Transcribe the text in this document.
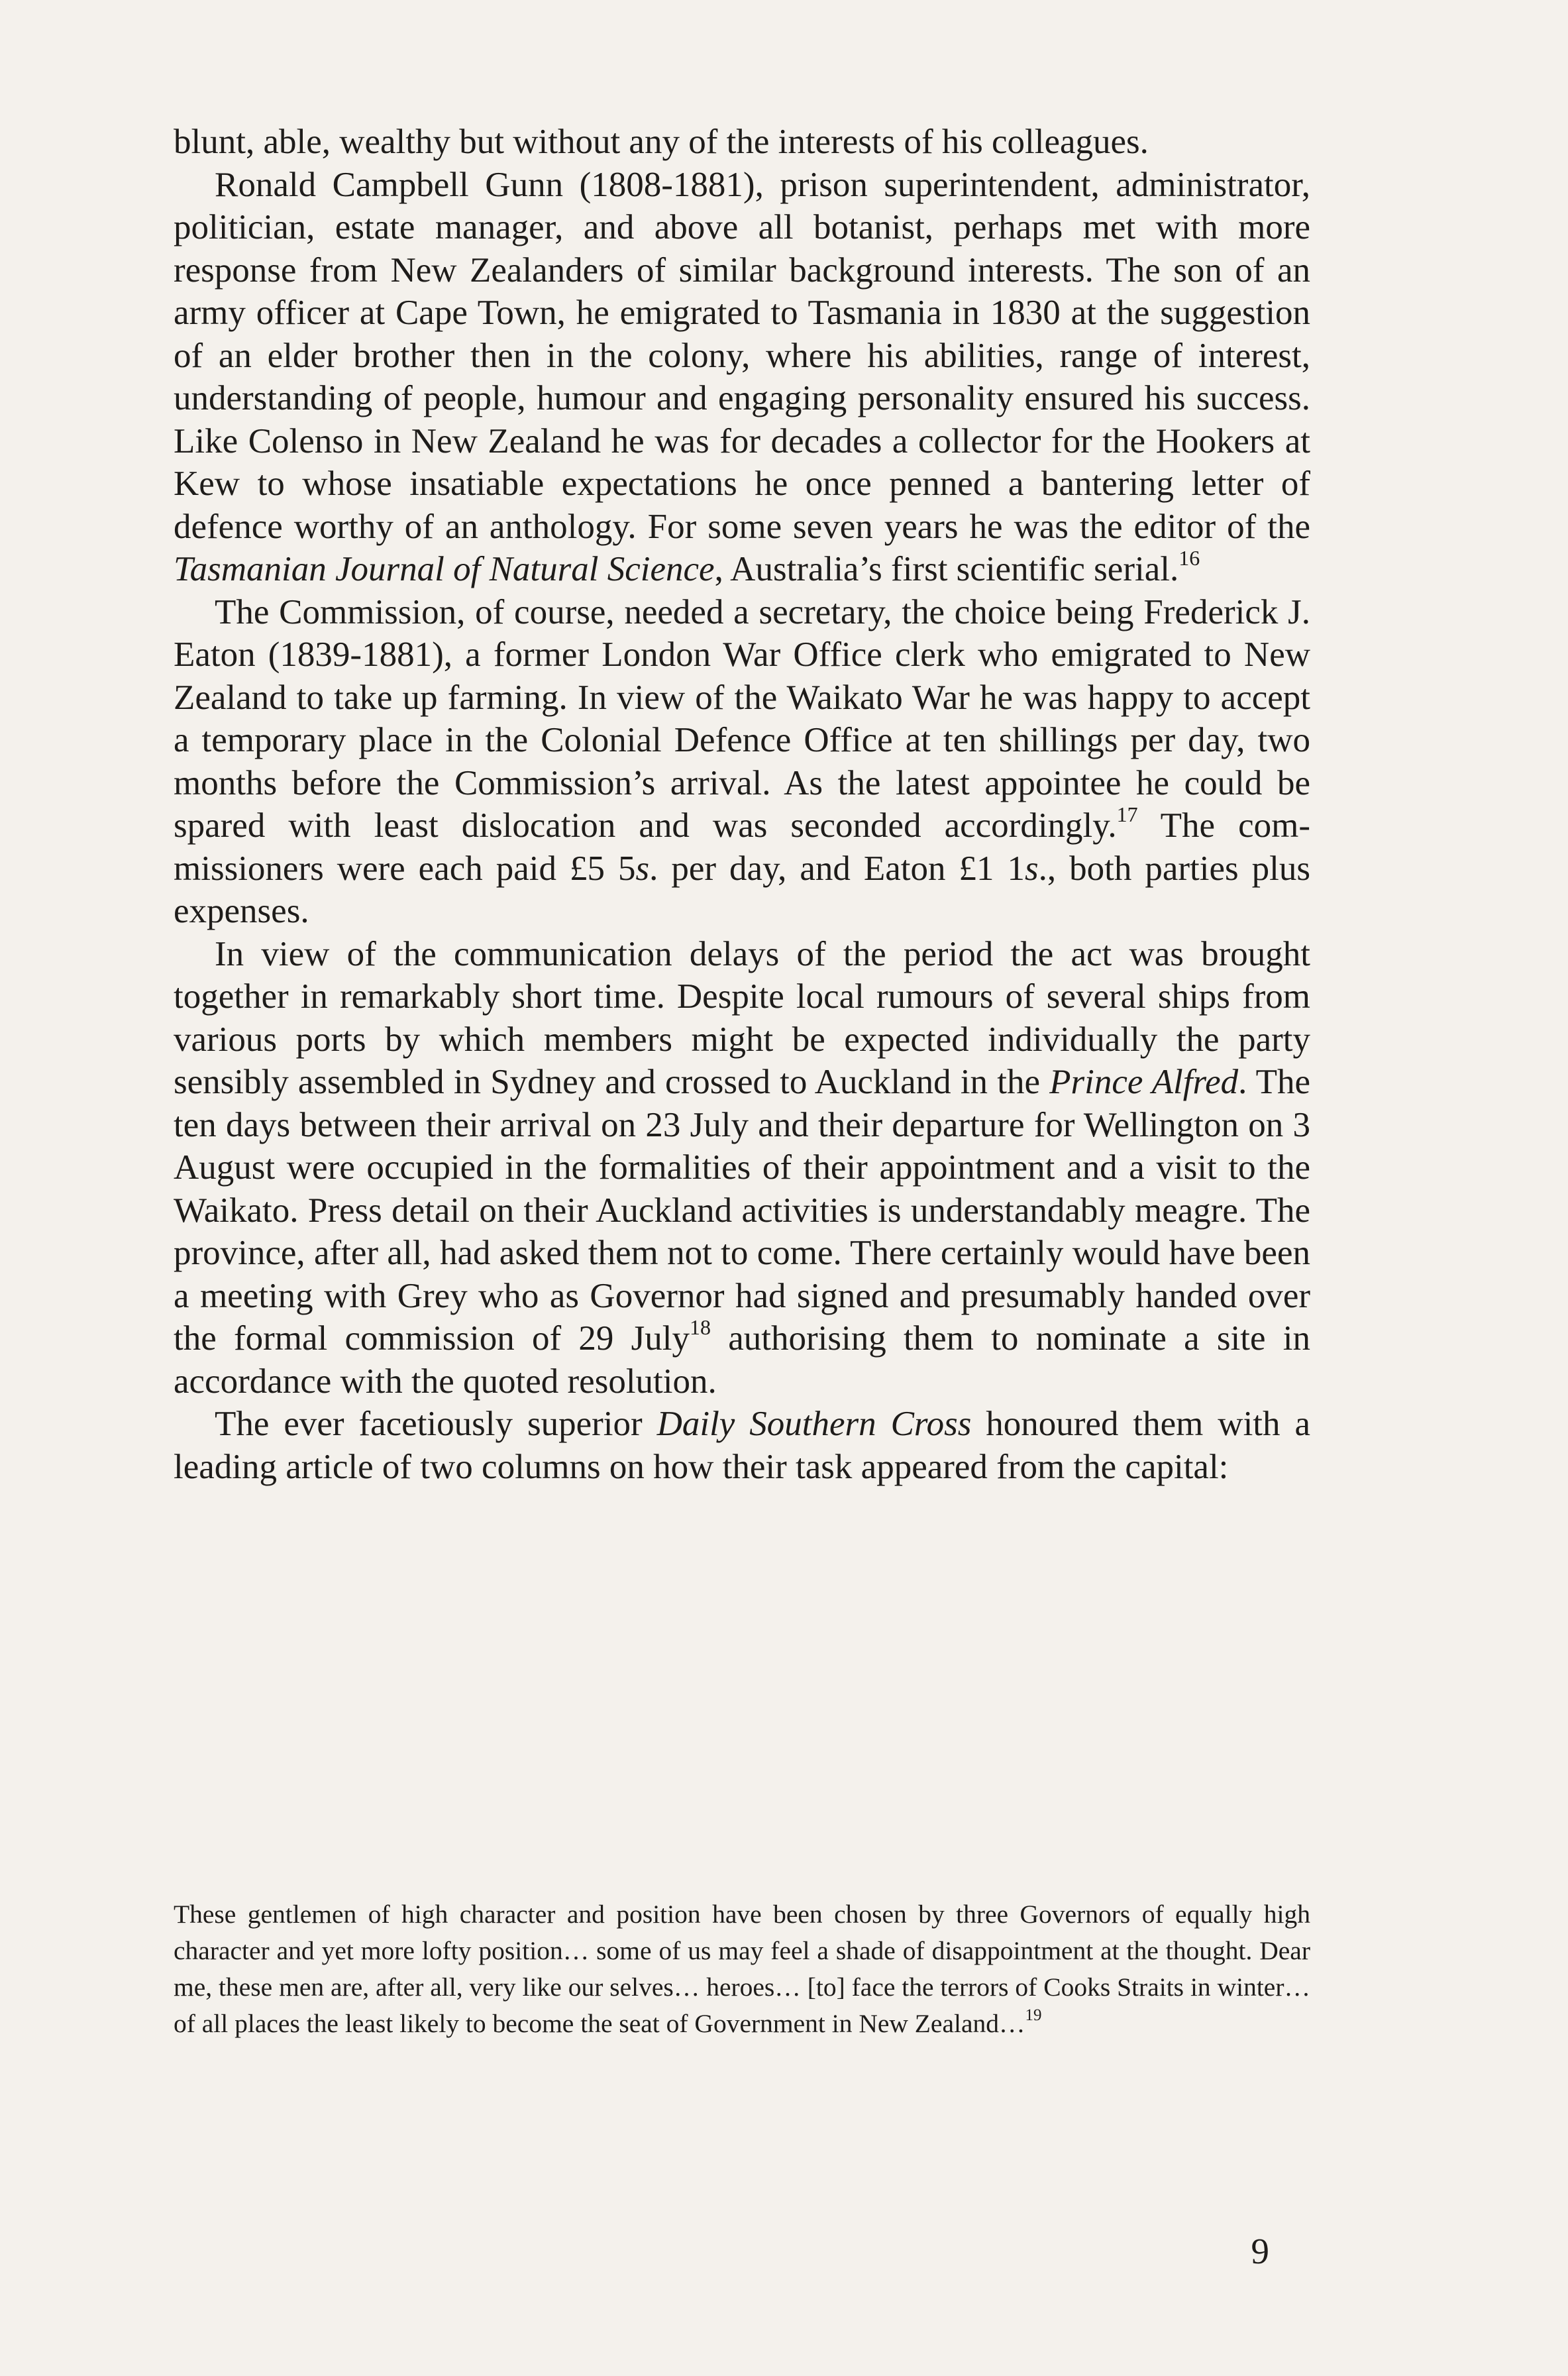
blunt, able, wealthy but without any of the interests of his colleagues.

Ronald Campbell Gunn (1808-1881), prison superintendent, administrator, politician, estate manager, and above all botanist, perhaps met with more response from New Zealanders of similar background interests. The son of an army officer at Cape Town, he emigrated to Tasmania in 1830 at the suggestion of an elder brother then in the colony, where his abilities, range of interest, understanding of people, humour and engaging personality ensured his success. Like Colenso in New Zealand he was for decades a collector for the Hookers at Kew to whose insatiable expectations he once penned a bantering letter of defence worthy of an anthology. For some seven years he was the editor of the Tasmanian Journal of Natural Science, Australia’s first scientific serial.$^{16}$

The Commission, of course, needed a secretary, the choice being Frederick J. Eaton (1839-1881), a former London War Office clerk who emigrated to New Zealand to take up farming. In view of the Waikato War he was happy to accept a temporary place in the Colonial Defence Office at ten shillings per day, two months before the Commission’s arrival. As the latest appointee he could be spared with least dislocation and was seconded accordingly.$^{17}$ The commissioners were each paid £5 5s. per day, and Eaton £1 1s., both parties plus expenses.

In view of the communication delays of the period the act was brought together in remarkably short time. Despite local rumours of several ships from various ports by which members might be expected individually the party sensibly assembled in Sydney and crossed to Auckland in the Prince Alfred. The ten days between their arrival on 23 July and their departure for Wellington on 3 August were occupied in the formalities of their appointment and a visit to the Waikato. Press detail on their Auckland activities is understandably meagre. The province, after all, had asked them not to come. There certainly would have been a meeting with Grey who as Governor had signed and presumably handed over the formal commission of 29 July$^{18}$ authorising them to nominate a site in accordance with the quoted resolution.

The ever facetiously superior Daily Southern Cross honoured them with a leading article of two columns on how their task appeared from the capital:

These gentlemen of high character and position have been chosen by three Governors of equally high character and yet more lofty position… some of us may feel a shade of disappointment at the thought. Dear me, these men are, after all, very like our selves… heroes… [to] face the terrors of Cooks Straits in winter… of all places the least likely to become the seat of Government in New Zealand…$^{19}$
9
